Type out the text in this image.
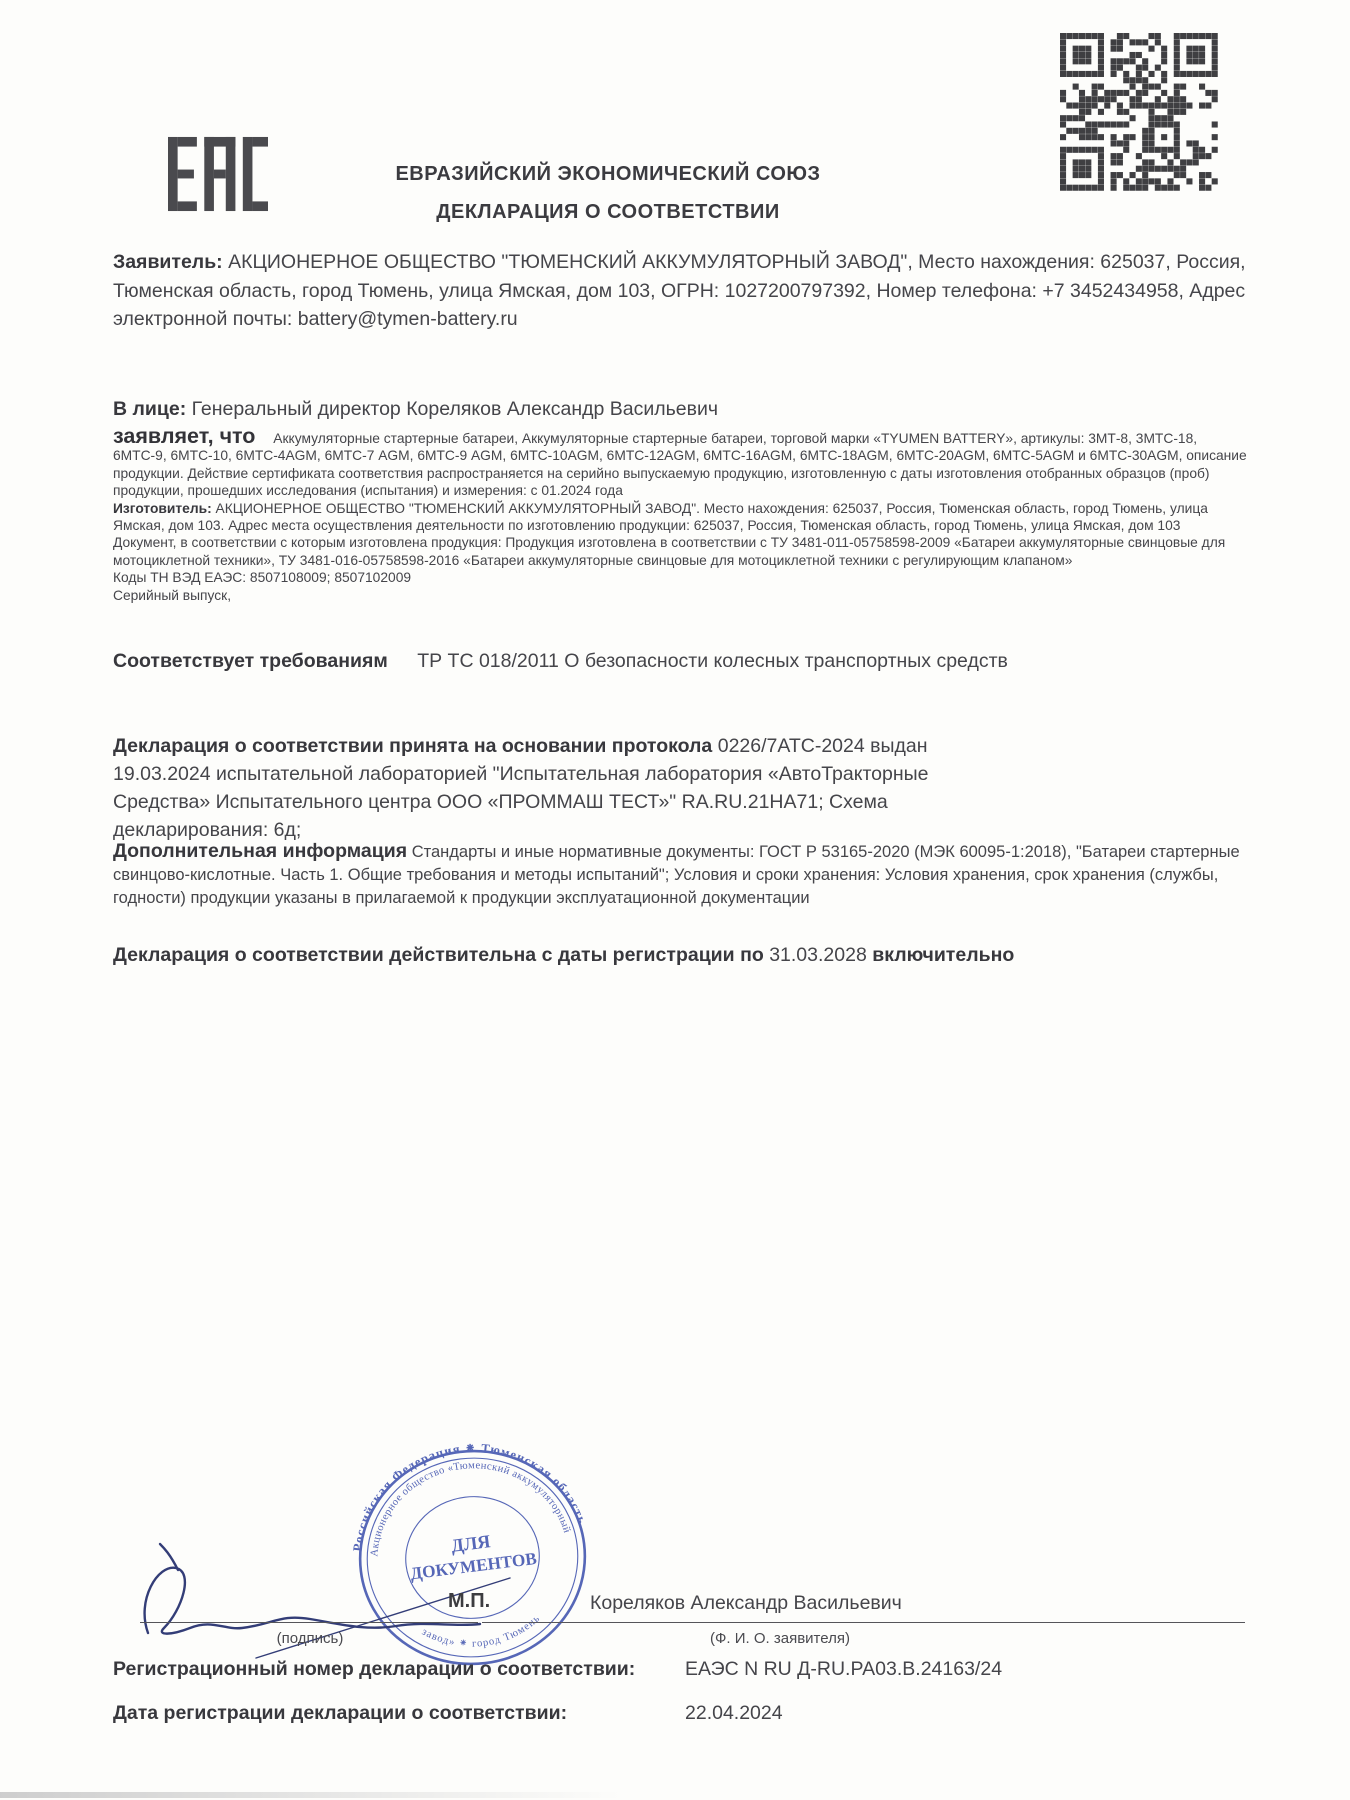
ЕВРАЗИЙСКИЙ ЭКОНОМИЧЕСКИЙ СОЮЗ
ДЕКЛАРАЦИЯ О СООТВЕТСТВИИ
Заявитель: АКЦИОНЕРНОЕ ОБЩЕСТВО "ТЮМЕНСКИЙ АККУМУЛЯТОРНЫЙ ЗАВОД", Место нахождения: 625037, Россия, Тюменская область, город Тюмень, улица Ямская, дом 103, ОГРН: 1027200797392, Номер телефона: +7 3452434958, Адрес электронной почты: battery@tymen-battery.ru
В лице: Генеральный директор Кореляков Александр Васильевич

заявляет, что Аккумуляторные стартерные батареи, Аккумуляторные стартерные батареи, торговой марки «TYUMEN BATTERY», артикулы: 3МТ-8, 3МТС-18, 6МТС-9, 6МТС-10, 6МТС-4AGM, 6МТС-7 AGM, 6МТС-9 AGM, 6МТС-10AGM, 6МТС-12AGM, 6МТС-16AGM, 6МТС-18AGM, 6МТС-20AGM, 6МТС-5AGM и 6МТС-30AGM, описание продукции. Действие сертификата соответствия распространяется на серийно выпускаемую продукцию, изготовленную с даты изготовления отобранных образцов (проб) продукции, прошедших исследования (испытания) и измерения: с 01.2024 года

Изготовитель: АКЦИОНЕРНОЕ ОБЩЕСТВО "ТЮМЕНСКИЙ АККУМУЛЯТОРНЫЙ ЗАВОД". Место нахождения: 625037, Россия, Тюменская область, город Тюмень, улица Ямская, дом 103. Адрес места осуществления деятельности по изготовлению продукции: 625037, Россия, Тюменская область, город Тюмень, улица Ямская, дом 103

Документ, в соответствии с которым изготовлена продукция: Продукция изготовлена в соответствии с ТУ 3481-011-05758598-2009 «Батареи аккумуляторные свинцовые для мотоциклетной техники», ТУ 3481-016-05758598-2016 «Батареи аккумуляторные свинцовые для мотоциклетной техники с регулирующим клапаном»

Коды ТН ВЭД ЕАЭС: 8507108009; 8507102009

Серийный выпуск,

Соответствует требованиям ТР ТС 018/2011 О безопасности колесных транспортных средств
Декларация о соответствии принята на основании протокола 0226/7АТС-2024 выдан 19.03.2024 испытательной лабораторией "Испытательная лаборатория «АвтоТракторные Средства» Испытательного центра ООО «ПРОММАШ ТЕСТ»" RA.RU.21НА71; Схема декларирования: 6д;
Дополнительная информация Стандарты и иные нормативные документы: ГОСТ Р 53165-2020 (МЭК 60095-1:2018), "Батареи стартерные свинцово-кислотные. Часть 1. Общие требования и методы испытаний"; Условия и сроки хранения: Условия хранения, срок хранения (службы, годности) продукции указаны в прилагаемой к продукции эксплуатационной документации
Декларация о соответствии действительна с даты регистрации по 31.03.2028 включительно
Российская Федерация ⁕ Тюменская область
Акционерное общество «Тюменский аккумуляторный
завод» ⁕ город Тюмень
ДЛЯ
ДОКУМЕНТОВ
М.П.	Кореляков Александр Васильевич
(подпись)	(Ф. И. О. заявителя)
Регистрационный номер декларации о соответствии:	ЕАЭС N RU Д-RU.РА03.В.24163/24
Дата регистрации декларации о соответствии:	22.04.2024
